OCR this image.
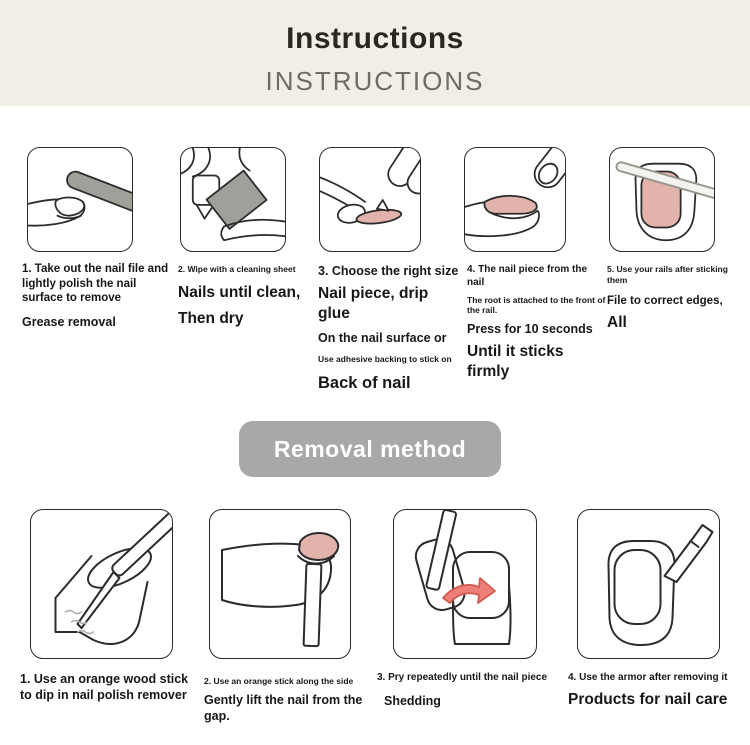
Instructions
INSTRUCTIONS

1. Take out the nail file and lightly polish the nail surface to remove

Grease removal

2. Wipe with a cleaning sheet

Nails until clean,

Then dry

3. Choose the right size

Nail piece, drip glue

On the nail surface or

Use adhesive backing to stick on

Back of nail

4. The nail piece from the nail

The root is attached to the front of the rail.

Press for 10 seconds

Until it sticks firmly

5. Use your rails after sticking them

File to correct edges,

All

Removal method

1. Use an orange wood stick to dip in nail polish remover

2. Use an orange stick along the side

Gently lift the nail from the gap.

3. Pry repeatedly until the nail piece

Shedding

4. Use the armor after removing it

Products for nail care
